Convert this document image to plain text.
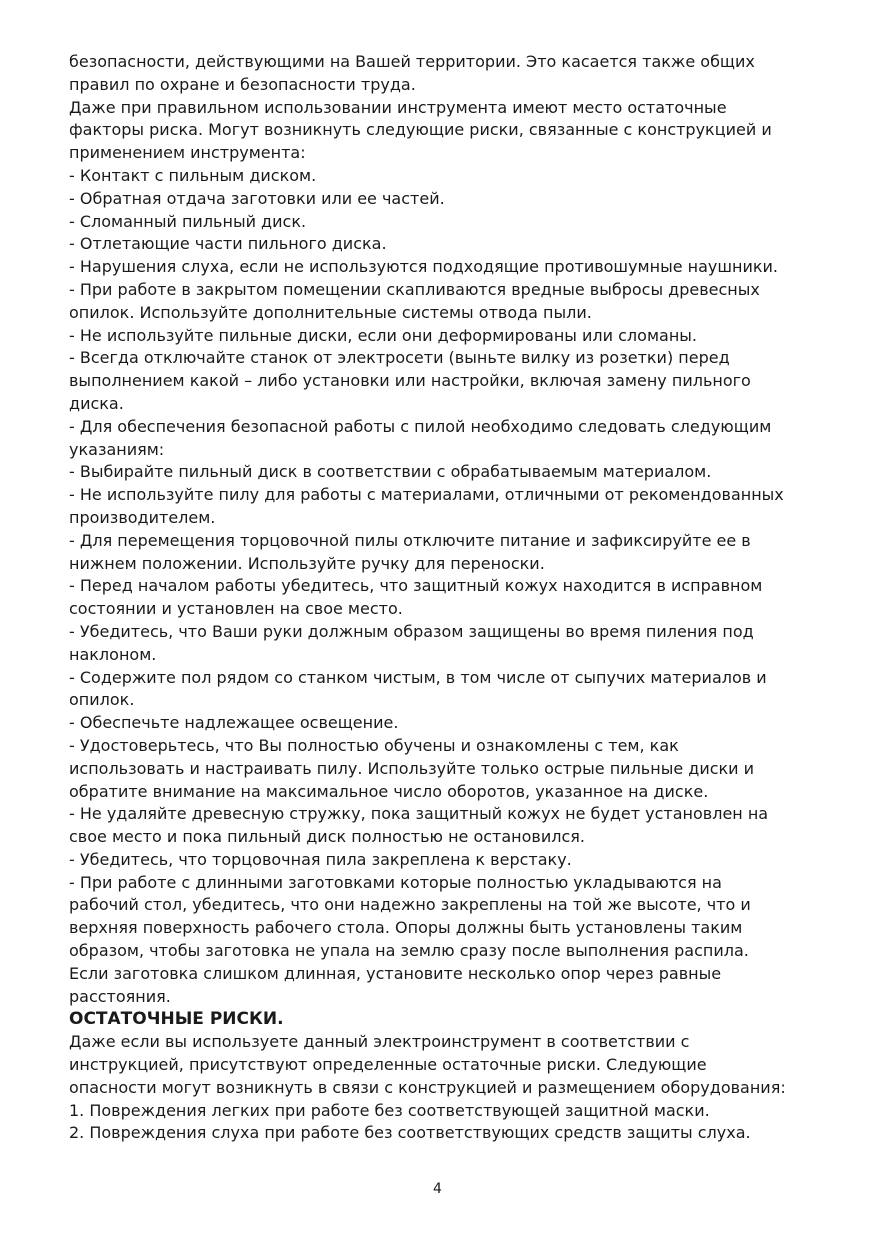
безопасности, действующими на Вашей территории. Это касается также общих
правил по охране и безопасности труда.
Даже при правильном использовании инструмента имеют место остаточные
факторы риска. Могут возникнуть следующие риски, связанные с конструкцией и
применением инструмента:
- Контакт с пильным диском.
- Обратная отдача заготовки или ее частей.
- Сломанный пильный диск.
- Отлетающие части пильного диска.
- Нарушения слуха, если не используются подходящие противошумные наушники.
- При работе в закрытом помещении скапливаются вредные выбросы древесных
опилок. Используйте дополнительные системы отвода пыли.
- Не используйте пильные диски, если они деформированы или сломаны.
- Всегда отключайте станок от электросети (выньте вилку из розетки) перед
выполнением какой – либо установки или настройки, включая замену пильного
диска.
- Для обеспечения безопасной работы с пилой необходимо следовать следующим
указаниям:
- Выбирайте пильный диск в соответствии с обрабатываемым материалом.
- Не используйте пилу для работы с материалами, отличными от рекомендованных
производителем.
- Для перемещения торцовочной пилы отключите питание и зафиксируйте ее в
нижнем положении. Используйте ручку для переноски.
- Перед началом работы убедитесь, что защитный кожух находится в исправном
состоянии и установлен на свое место.
- Убедитесь, что Ваши руки должным образом защищены во время пиления под
наклоном.
- Содержите пол рядом со станком чистым, в том числе от сыпучих материалов и
опилок.
- Обеспечьте надлежащее освещение.
- Удостоверьтесь, что Вы полностью обучены и ознакомлены с тем, как
использовать и настраивать пилу. Используйте только острые пильные диски и
обратите внимание на максимальное число оборотов, указанное на диске.
- Не удаляйте древесную стружку, пока защитный кожух не будет установлен на
свое место и пока пильный диск полностью не остановился.
- Убедитесь, что торцовочная пила закреплена к верстаку.
- При работе с длинными заготовками которые полностью укладываются на
рабочий стол, убедитесь, что они надежно закреплены на той же высоте, что и
верхняя поверхность рабочего стола. Опоры должны быть установлены таким
образом, чтобы заготовка не упала на землю сразу после выполнения распила.
Если заготовка слишком длинная, установите несколько опор через равные
расстояния.
ОСТАТОЧНЫЕ РИСКИ.
Даже если вы используете данный электроинструмент в соответствии с
инструкцией, присутствуют определенные остаточные риски. Следующие
опасности могут возникнуть в связи с конструкцией и размещением оборудования:
1. Повреждения легких при работе без соответствующей защитной маски.
2. Повреждения слуха при работе без соответствующих средств защиты слуха.
4
